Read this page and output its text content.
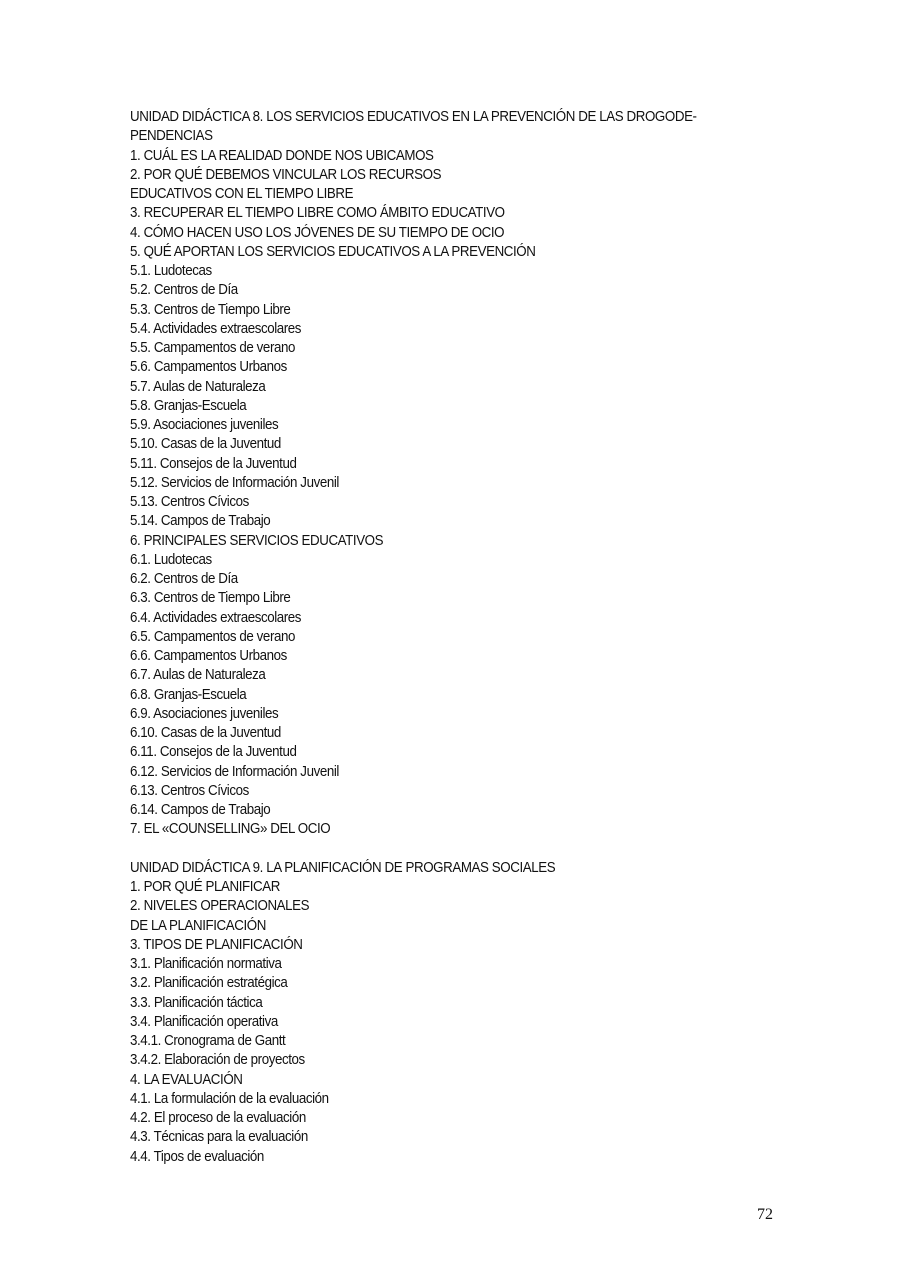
UNIDAD DIDÁCTICA 8. LOS SERVICIOS EDUCATIVOS EN LA PREVENCIÓN DE LAS DROGODE-
PENDENCIAS
1. CUÁL ES LA REALIDAD DONDE NOS UBICAMOS
2. POR QUÉ DEBEMOS VINCULAR LOS RECURSOS
EDUCATIVOS CON EL TIEMPO LIBRE
3. RECUPERAR EL TIEMPO LIBRE COMO ÁMBITO EDUCATIVO
4. CÓMO HACEN USO LOS JÓVENES DE SU TIEMPO DE OCIO
5. QUÉ APORTAN LOS SERVICIOS EDUCATIVOS A LA PREVENCIÓN
5.1. Ludotecas
5.2. Centros de Día
5.3. Centros de Tiempo Libre
5.4. Actividades extraescolares
5.5. Campamentos de verano
5.6. Campamentos Urbanos
5.7. Aulas de Naturaleza
5.8. Granjas-Escuela
5.9. Asociaciones juveniles
5.10. Casas de la Juventud
5.11. Consejos de la Juventud
5.12. Servicios de Información Juvenil
5.13. Centros Cívicos
5.14. Campos de Trabajo
6. PRINCIPALES SERVICIOS EDUCATIVOS
6.1. Ludotecas
6.2. Centros de Día
6.3. Centros de Tiempo Libre
6.4. Actividades extraescolares
6.5. Campamentos de verano
6.6. Campamentos Urbanos
6.7. Aulas de Naturaleza
6.8. Granjas-Escuela
6.9. Asociaciones juveniles
6.10. Casas de la Juventud
6.11. Consejos de la Juventud
6.12. Servicios de Información Juvenil
6.13. Centros Cívicos
6.14. Campos de Trabajo
7. EL «COUNSELLING» DEL OCIO
UNIDAD DIDÁCTICA 9. LA PLANIFICACIÓN DE PROGRAMAS SOCIALES
1. POR QUÉ PLANIFICAR
2. NIVELES OPERACIONALES
DE LA PLANIFICACIÓN
3. TIPOS DE PLANIFICACIÓN
3.1. Planificación normativa
3.2. Planificación estratégica
3.3. Planificación táctica
3.4. Planificación operativa
3.4.1. Cronograma de Gantt
3.4.2. Elaboración de proyectos
4. LA EVALUACIÓN
4.1. La formulación de la evaluación
4.2. El proceso de la evaluación
4.3. Técnicas para la evaluación
4.4. Tipos de evaluación
72
